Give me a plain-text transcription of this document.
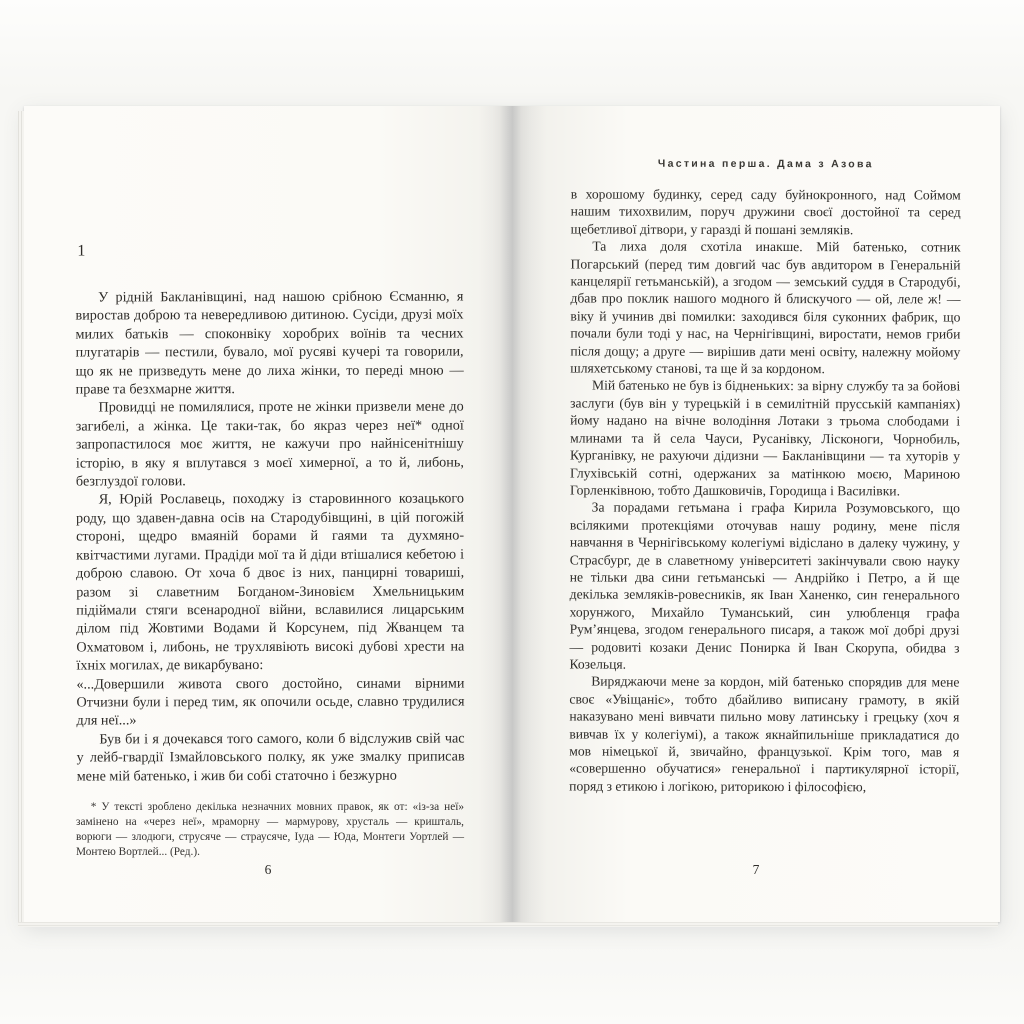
1

У рідній Бакланівщині, над нашою срібною Єсманню, я виростав доброю та невередливою дитиною. Сусіди, друзі моїх милих батьків — споконвіку хоробрих воїнів та чесних плугатарів — пестили, бувало, мої русяві кучері та говорили, що як не призведуть мене до лиха жінки, то переді мною — праве та безхмарне життя.

Провидці не помилялися, проте не жінки призвели мене до загибелі, а жінка. Це таки-так, бо якраз через неї* одної запропастилося моє життя, не кажучи про найнісенітнішу історію, в яку я вплутався з моєї химерної, а то й, либонь, безглуздої голови.

Я, Юрій Рославець, походжу із старовинного козацького роду, що здавен-давна осів на Стародубівщині, в цій погожій стороні, щедро вмаяній борами й гаями та духмяно-квітчастими лугами. Прадіди мої та й діди втішалися кебетою і доброю славою. От хоча б двоє із них, панцирні товариші, разом зі славетним Богданом-Зиновієм Хмельницьким підіймали стяги всенародної війни, вславилися лицарським ділом під Жовтими Водами й Корсунем, під Жванцем та Охматовом і, либонь, не трухлявіють високі дубові хрести на їхніх могилах, де викарбувано:

«...Довершили живота свого достойно, синами вірними Отчизни були і перед тим, як опочили осьде, славно трудилися для неї...»

Був би і я дочекався того самого, коли б відслужив свій час у лейб-гвардії Ізмайловського полку, як уже змалку приписав мене мій батенько, і жив би собі статочно і безжурно

* У тексті зроблено декілька незначних мовних правок, як от: «із-за неї» замінено на «через неї», мраморну — мармурову, хрусталь — кришталь, ворюги — злодюги, струсяче — страусяче, Іуда — Юда, Монтеги Уортлей — Монтею Вортлей... (Ред.).
6
Частина перша. Дама з Азова

в хорошому будинку, серед саду буйнокронного, над Соймом нашим тихохвилим, поруч дружини своєї достойної та серед щебетливої дітвори, у гаразді й пошані земляків.

Та лиха доля схотіла инакше. Мій батенько, сотник Погарський (перед тим довгий час був авдитором в Генеральній канцелярії гетьманській), а згодом — земський суддя в Стародубі, дбав про поклик нашого модного й блискучого — ой, леле ж! — віку й учинив дві помилки: заходився біля суконних фабрик, що почали були тоді у нас, на Чернігівщині, виростати, немов гриби після дощу; а друге — вирішив дати мені освіту, належну мойому шляхетському станові, та ще й за кордоном.

Мій батенько не був із бідненьких: за вірну службу та за бойові заслуги (був він у турецькій і в семилітній прусській кампаніях) йому надано на вічне володіння Лотаки з трьома слободами і млинами та й села Чауси, Русанівку, Лісконоги, Чорнобиль, Курганівку, не рахуючи дідизни — Бакланівщини — та хуторів у Глухівській сотні, одержаних за матінкою моєю, Мариною Горленківною, тобто Дашковичів, Городища і Василівки.

За порадами гетьмана і графа Кирила Розумовського, що всілякими протекціями оточував нашу родину, мене після навчання в Чернігівському колегіумі відіслано в далеку чужину, у Страсбург, де в славетному університеті закінчували свою науку не тільки два сини гетьманські — Андрійко і Петро, а й ще декілька земляків-ровесників, як Іван Ханенко, син генерального хорунжого, Михайло Туманський, син улюбленця графа Рум’янцева, згодом генерального писаря, а також мої добрі друзі — родовиті козаки Денис Понирка й Іван Скорупа, обидва з Козельця.

Виряджаючи мене за кордон, мій батенько спорядив для мене своє «Увіщаніє», тобто дбайливо виписану грамоту, в якій наказувано мені вивчати пильно мову латинську і грецьку (хоч я вивчав їх у колегіумі), а також якнайпильніше прикладатися до мов німецької й, звичайно, французької. Крім того, мав я «совершенно обучатися» генеральної і партикулярної історії, поряд з етикою і логікою, риторикою і філософією,

7
